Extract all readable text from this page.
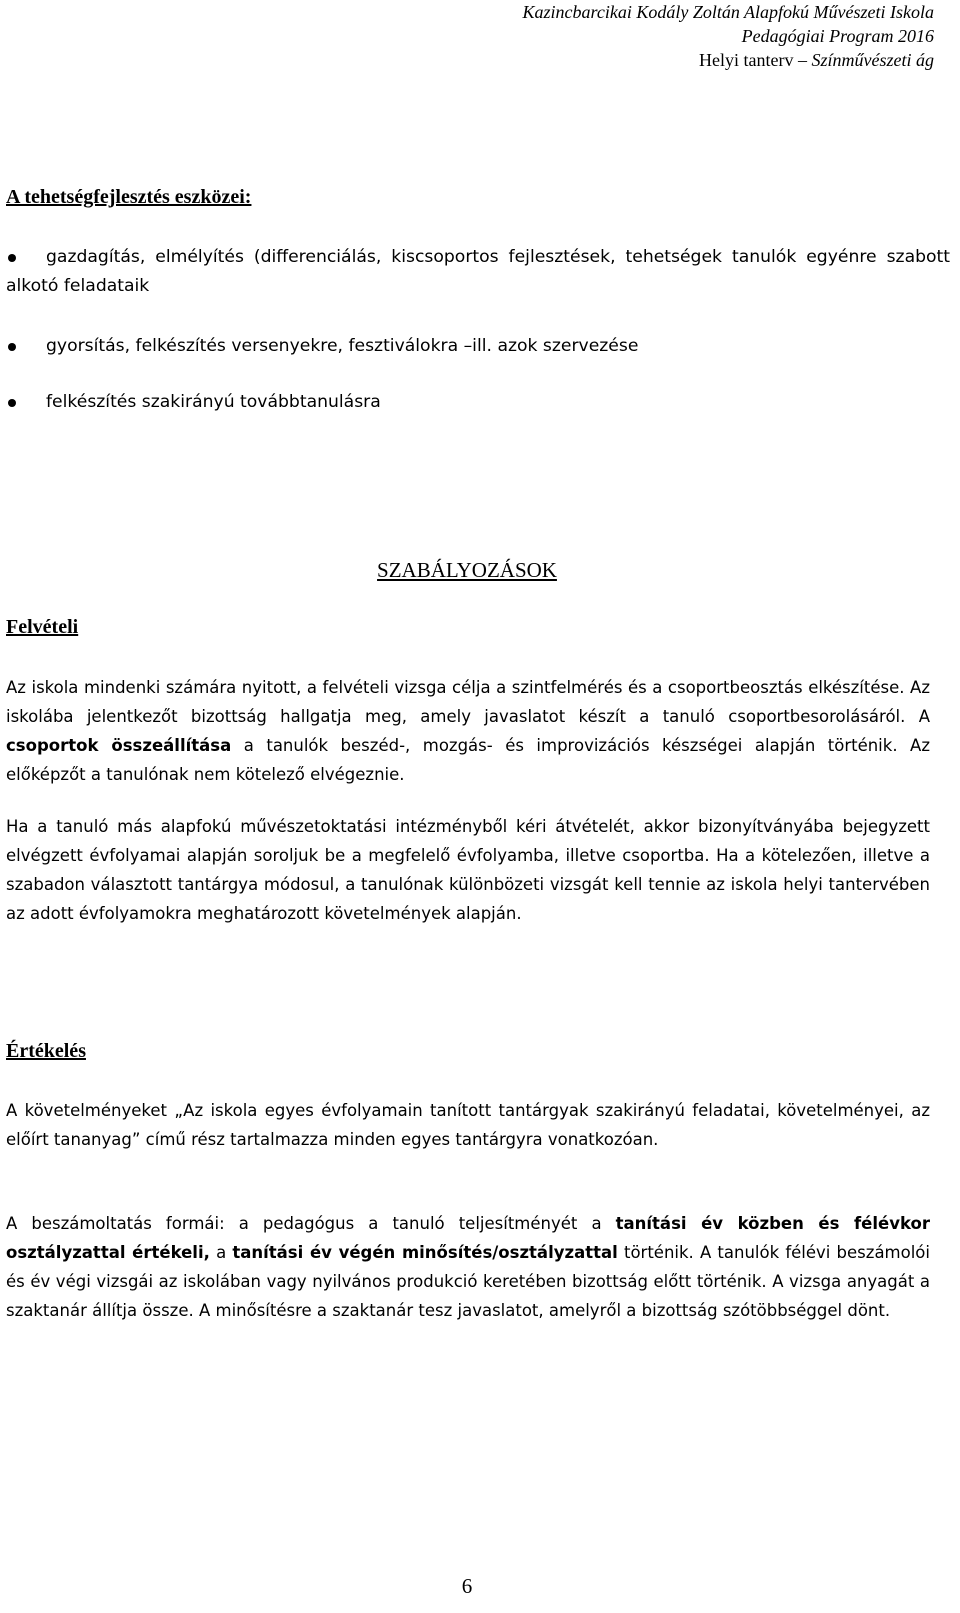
Kazincbarcikai Kodály Zoltán Alapfokú Művészeti Iskola
Pedagógiai Program 2016
Helyi tanterv – Színművészeti ág
A tehetségfejlesztés eszközei:
gazdagítás, elmélyítés (differenciálás, kiscsoportos fejlesztések, tehetségek tanulók egyénre szabott alkotó feladataik
gyorsítás, felkészítés versenyekre, fesztiválokra –ill. azok szervezése
felkészítés szakirányú továbbtanulásra
SZABÁLYOZÁSOK
Felvételi
Az iskola mindenki számára nyitott, a felvételi vizsga célja a szintfelmérés és a csoportbeosztás elkészítése. Az iskolába jelentkezőt bizottság hallgatja meg, amely javaslatot készít a tanuló csoportbesorolásáról. A csoportok összeállítása a tanulók beszéd-, mozgás- és improvizációs készségei alapján történik. Az előképzőt a tanulónak nem kötelező elvégeznie.
Ha a tanuló más alapfokú művészetoktatási intézményből kéri átvételét, akkor bizonyítványába bejegyzett elvégzett évfolyamai alapján soroljuk be a megfelelő évfolyamba, illetve csoportba. Ha a kötelezően, illetve a szabadon választott tantárgya módosul, a tanulónak különbözeti vizsgát kell tennie az iskola helyi tantervében az adott évfolyamokra meghatározott követelmények alapján.
Értékelés
A követelményeket „Az iskola egyes évfolyamain tanított tantárgyak szakirányú feladatai, követelményei, az előírt tananyag” című rész tartalmazza minden egyes tantárgyra vonatkozóan.
A beszámoltatás formái: a pedagógus a tanuló teljesítményét a tanítási év közben és félévkor osztályzattal értékeli, a tanítási év végén minősítés/osztályzattal történik. A tanulók félévi beszámolói és év végi vizsgái az iskolában vagy nyilvános produkció keretében bizottság előtt történik. A vizsga anyagát a szaktanár állítja össze. A minősítésre a szaktanár tesz javaslatot, amelyről a bizottság szótöbbséggel dönt.
6
